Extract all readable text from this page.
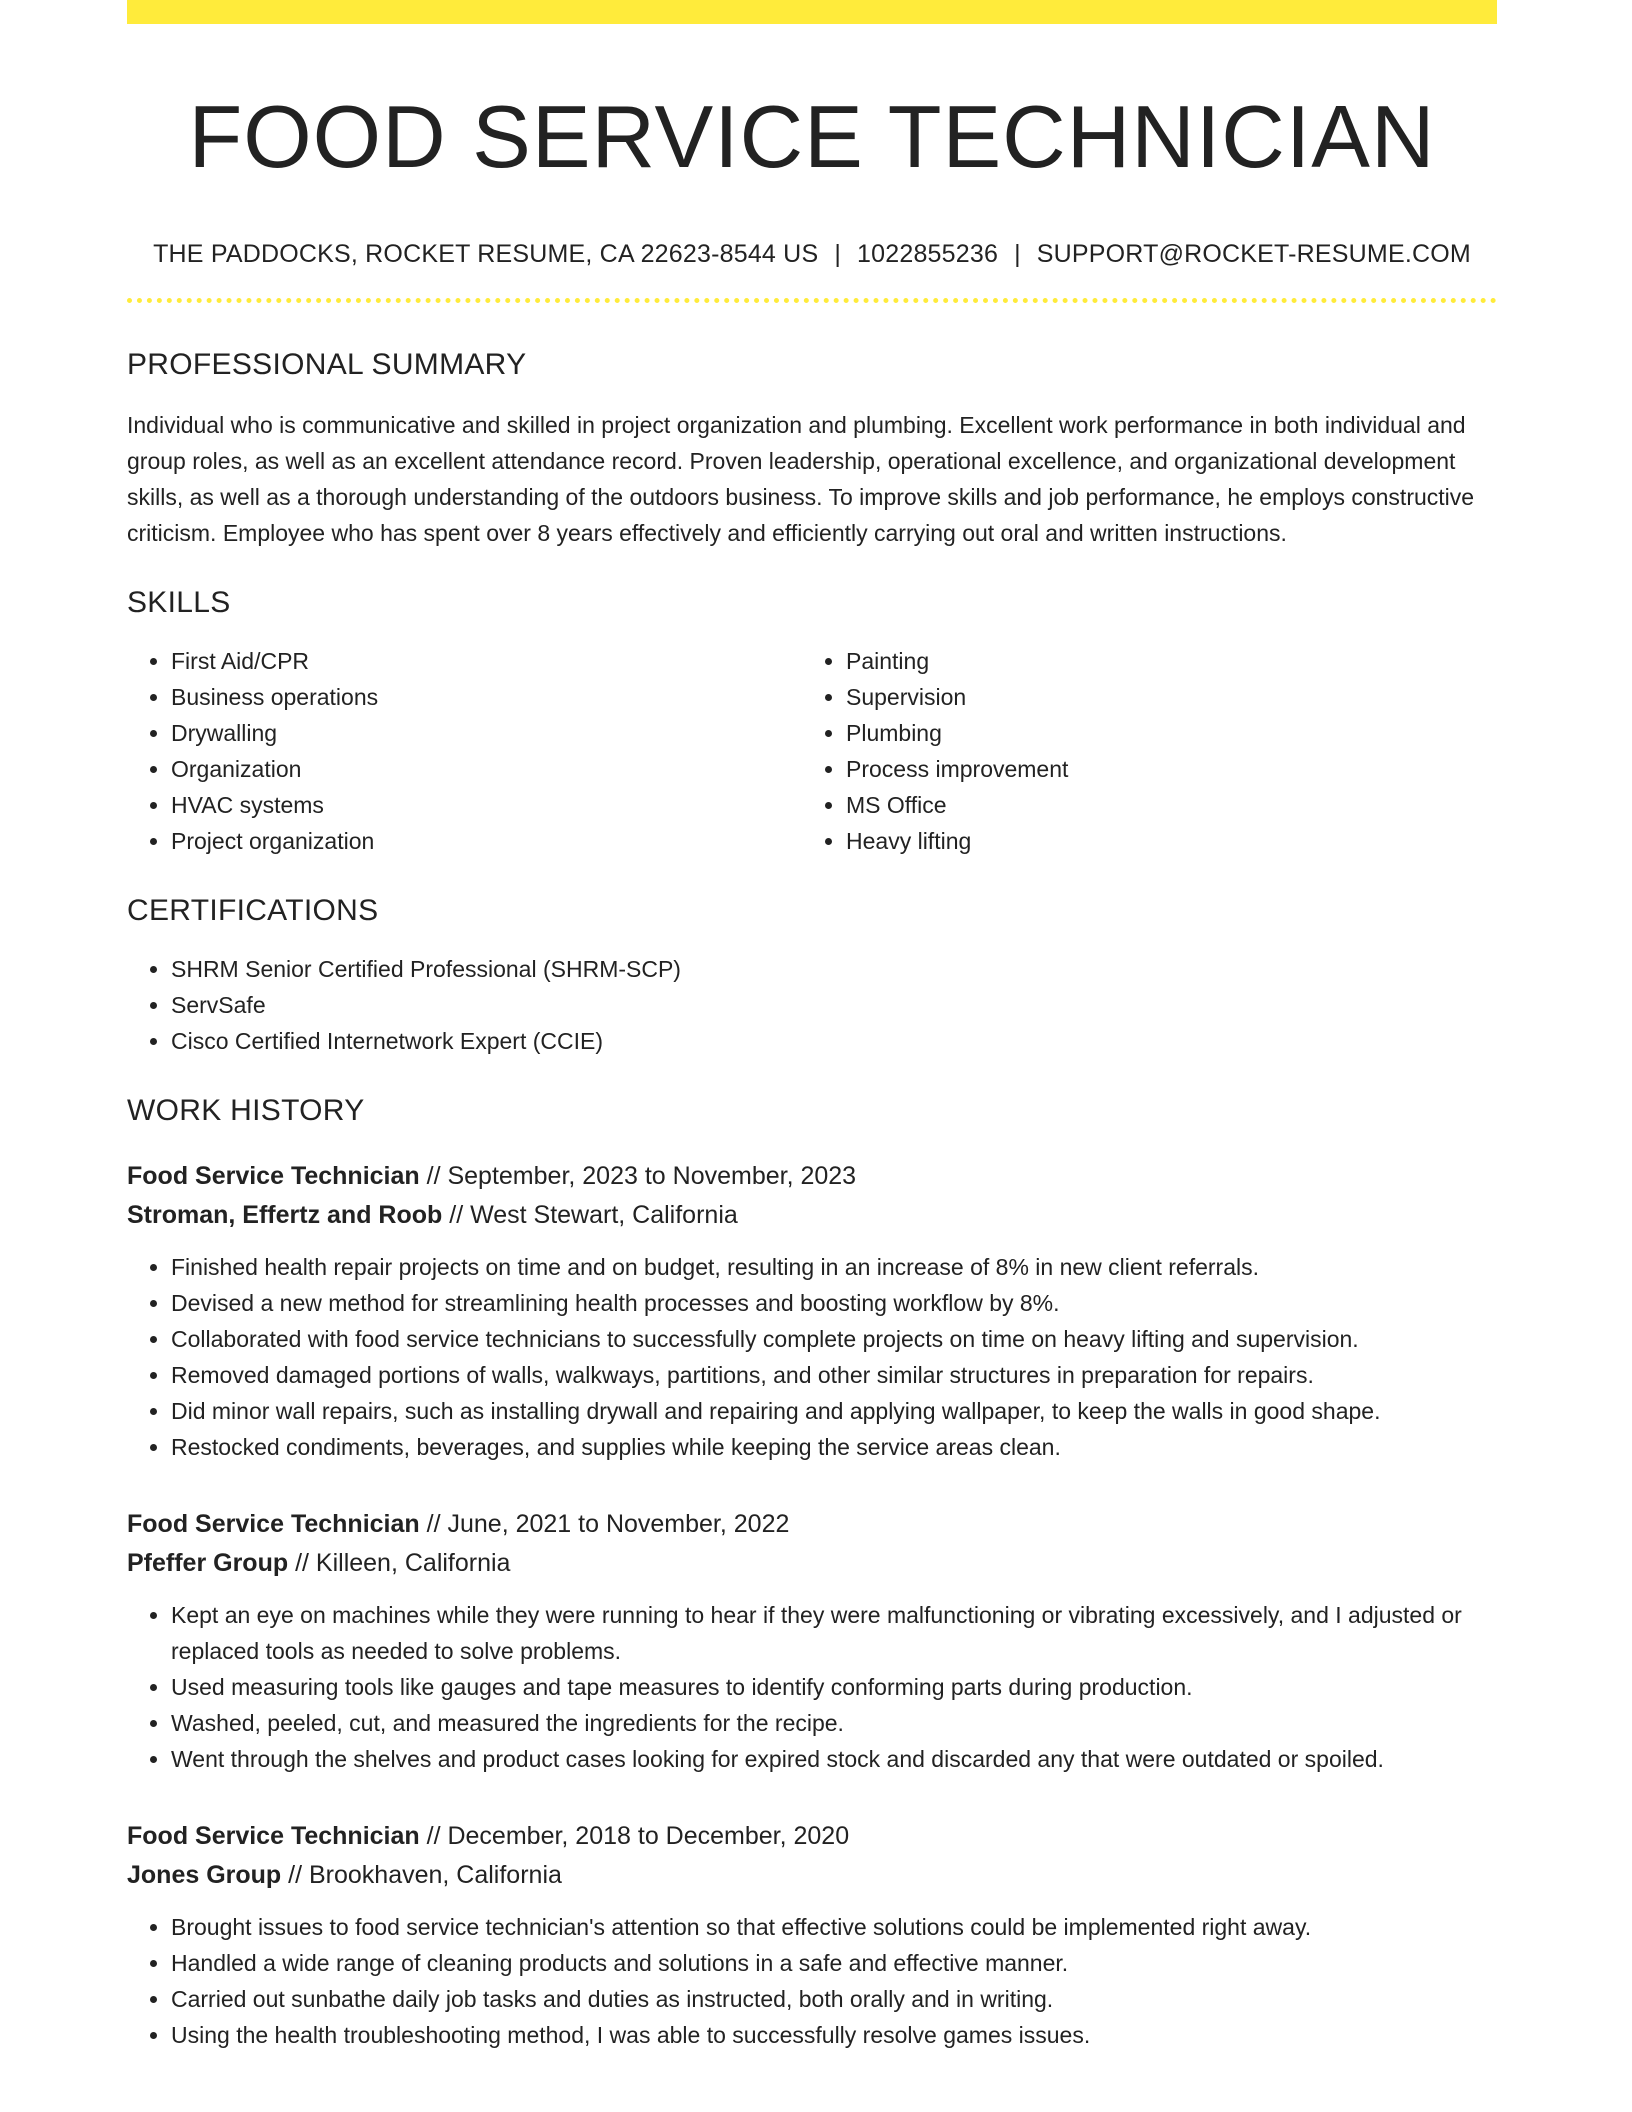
FOOD SERVICE TECHNICIAN
THE PADDOCKS, ROCKET RESUME, CA 22623-8544 US | 1022855236 | SUPPORT@ROCKET-RESUME.COM
PROFESSIONAL SUMMARY

Individual who is communicative and skilled in project organization and plumbing. Excellent work performance in both individual and group roles, as well as an excellent attendance record. Proven leadership, operational excellence, and organizational development skills, as well as a thorough understanding of the outdoors business. To improve skills and job performance, he employs constructive criticism. Employee who has spent over 8 years effectively and efficiently carrying out oral and written instructions.

SKILLS
• First Aid/CPR
• Business operations
• Drywalling
• Organization
• HVAC systems
• Project organization
• Painting
• Supervision
• Plumbing
• Process improvement
• MS Office
• Heavy lifting
CERTIFICATIONS
• SHRM Senior Certified Professional (SHRM-SCP)
• ServSafe
• Cisco Certified Internetwork Expert (CCIE)
WORK HISTORY
Food Service Technician // September, 2023 to November, 2023
Stroman, Effertz and Roob // West Stewart, California
• Finished health repair projects on time and on budget, resulting in an increase of 8% in new client referrals.
• Devised a new method for streamlining health processes and boosting workflow by 8%.
• Collaborated with food service technicians to successfully complete projects on time on heavy lifting and supervision.
• Removed damaged portions of walls, walkways, partitions, and other similar structures in preparation for repairs.
• Did minor wall repairs, such as installing drywall and repairing and applying wallpaper, to keep the walls in good shape.
• Restocked condiments, beverages, and supplies while keeping the service areas clean.
Food Service Technician // June, 2021 to November, 2022
Pfeffer Group // Killeen, California
• Kept an eye on machines while they were running to hear if they were malfunctioning or vibrating excessively, and I adjusted or replaced tools as needed to solve problems.
• Used measuring tools like gauges and tape measures to identify conforming parts during production.
• Washed, peeled, cut, and measured the ingredients for the recipe.
• Went through the shelves and product cases looking for expired stock and discarded any that were outdated or spoiled.
Food Service Technician // December, 2018 to December, 2020
Jones Group // Brookhaven, California
• Brought issues to food service technician's attention so that effective solutions could be implemented right away.
• Handled a wide range of cleaning products and solutions in a safe and effective manner.
• Carried out sunbathe daily job tasks and duties as instructed, both orally and in writing.
• Using the health troubleshooting method, I was able to successfully resolve games issues.
